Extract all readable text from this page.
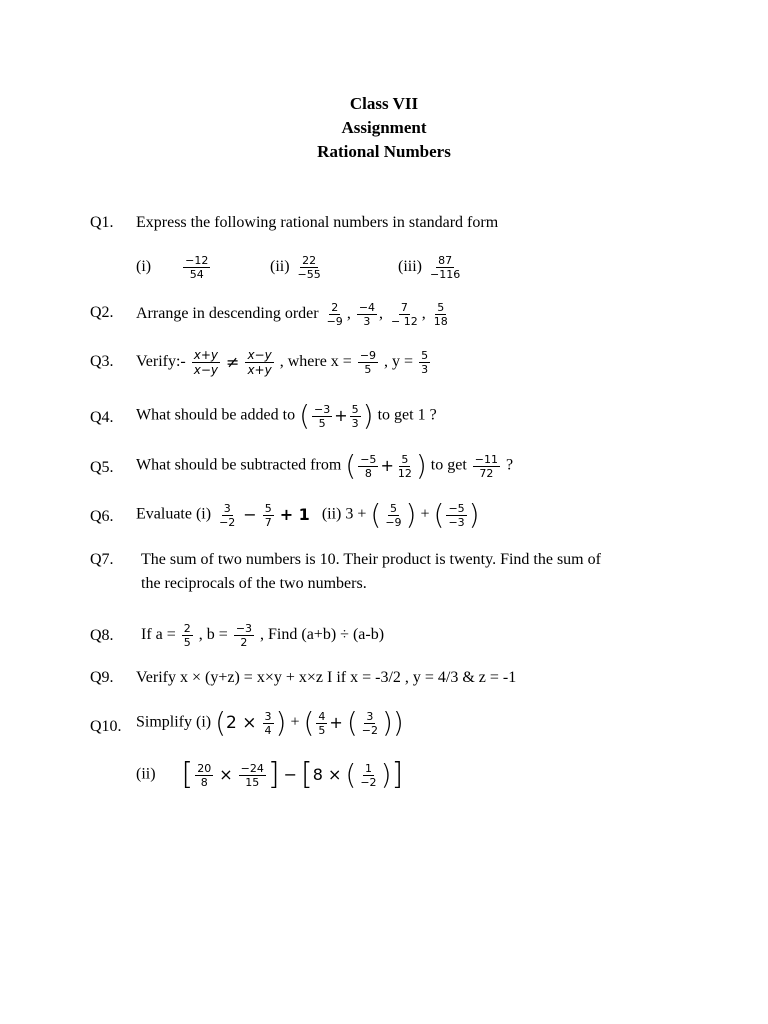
Class VII
Assignment
Rational Numbers
Q1. Express the following rational numbers in standard form
(i)	$\frac{-12}{54}$	$(ii) \frac{22}{-55}$	$(iii) \frac{87}{-116}$
Q2. Arrange in descending order $\frac{2}{-9}$ , $\frac{-4}{3}$ , $\frac{7}{- 12}$ , $\frac{5}{18}$
Q3. Verify:- $\frac{x+y}{x-y} \ne \frac{x-y}{x+y}$ , where $x = \frac{-9}{5}$ , $y = \frac{5}{3}$
Q4. What should be added to ( $\frac{-3}{5} + \frac{5}{3}$ ) to get 1 ?
Q5. What should be subtracted from ( $\frac{-5}{8} + \frac{5}{12}$ ) to get $\frac{-11}{72}$ ?
Q6. Evaluate $(i) \frac{3}{-2} - \frac{5}{7} + 1$ (ii) 3 + ( $\frac{5}{-9}$ ) + ( $\frac{-5}{-3}$ )
Q7. The sum of two numbers is 10. Their product is twenty. Find the sum of
the reciprocals of the two numbers.
Q8. If $a = \frac{2}{5}$ , $b = \frac{-3}{2}$ , Find (a+b) ÷ (a-b)
Q9. Verify x × (y+z) = x×y + x×z I if x = -3/2 , y = 4/3 & z = -1
Q10. Simplify (i) ($2 \times \frac{3}{4}$ ) + ( $\frac{4}{5}$ + ( $\frac{3}{-2}$ ))
(ii) [ $\frac{20}{8} \times \frac{-24}{15}$ ] − [8 × ( $\frac{1}{-2}$ )]
